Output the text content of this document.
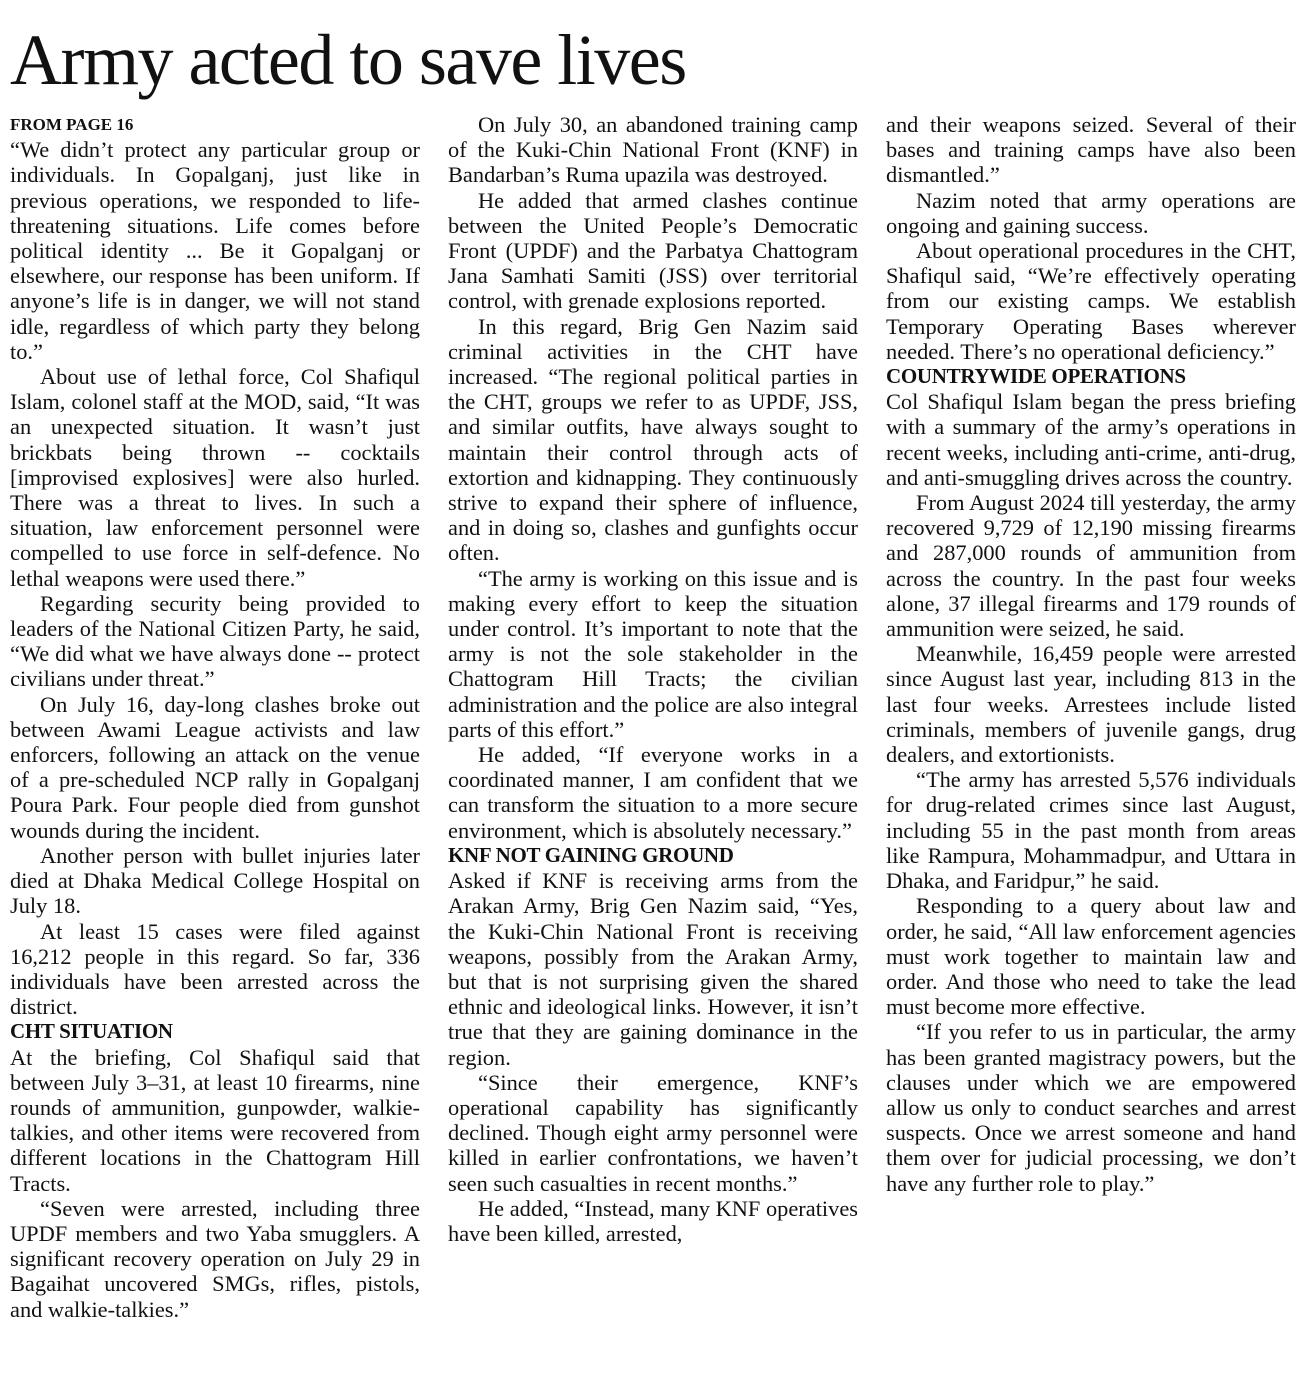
Army acted to save lives
FROM PAGE 16

“We didn’t protect any particular group or individuals. In Gopalganj, just like in previous operations, we responded to life-threatening situations. Life comes before political identity ... Be it Gopalganj or elsewhere, our response has been uniform. If anyone’s life is in danger, we will not stand idle, regardless of which party they belong to.”

About use of lethal force, Col Shafiqul Islam, colonel staff at the MOD, said, “It was an unexpected situation. It wasn’t just brickbats being thrown -- cocktails [improvised explosives] were also hurled. There was a threat to lives. In such a situation, law enforcement personnel were compelled to use force in self-defence. No lethal weapons were used there.”

Regarding security being provided to leaders of the National Citizen Party, he said, “We did what we have always done -- protect civilians under threat.”

On July 16, day-long clashes broke out between Awami League activists and law enforcers, following an attack on the venue of a pre-scheduled NCP rally in Gopalganj Poura Park. Four people died from gunshot wounds during the incident.

Another person with bullet injuries later died at Dhaka Medical College Hospital on July 18.

At least 15 cases were filed against 16,212 people in this regard. So far, 336 individuals have been arrested across the district.

CHT SITUATION

At the briefing, Col Shafiqul said that between July 3–31, at least 10 firearms, nine rounds of ammunition, gunpowder, walkie-talkies, and other items were recovered from different locations in the Chattogram Hill Tracts.

“Seven were arrested, including three UPDF members and two Yaba smugglers. A significant recovery operation on July 29 in Bagaihat uncovered SMGs, rifles, pistols, and walkie-talkies.”

On July 30, an abandoned training camp of the Kuki-Chin National Front (KNF) in Bandarban’s Ruma upazila was destroyed.

He added that armed clashes continue between the United People’s Democratic Front (UPDF) and the Parbatya Chattogram Jana Samhati Samiti (JSS) over territorial control, with grenade explosions reported.

In this regard, Brig Gen Nazim said criminal activities in the CHT have increased. “The regional political parties in the CHT, groups we refer to as UPDF, JSS, and similar outfits, have always sought to maintain their control through acts of extortion and kidnapping. They continuously strive to expand their sphere of influence, and in doing so, clashes and gunfights occur often.

“The army is working on this issue and is making every effort to keep the situation under control. It’s important to note that the army is not the sole stakeholder in the Chattogram Hill Tracts; the civilian administration and the police are also integral parts of this effort.”

He added, “If everyone works in a coordinated manner, I am confident that we can transform the situation to a more secure environment, which is absolutely necessary.”

KNF NOT GAINING GROUND

Asked if KNF is receiving arms from the Arakan Army, Brig Gen Nazim said, “Yes, the Kuki-Chin National Front is receiving weapons, possibly from the Arakan Army, but that is not surprising given the shared ethnic and ideological links. However, it isn’t true that they are gaining dominance in the region.

“Since their emergence, KNF’s operational capability has significantly declined. Though eight army personnel were killed in earlier confrontations, we haven’t seen such casualties in recent months.”

He added, “Instead, many KNF operatives have been killed, arrested,

and their weapons seized. Several of their bases and training camps have also been dismantled.”

Nazim noted that army operations are ongoing and gaining success.

About operational procedures in the CHT, Shafiqul said, “We’re effectively operating from our existing camps. We establish Temporary Operating Bases wherever needed. There’s no operational deficiency.”

COUNTRYWIDE OPERATIONS

Col Shafiqul Islam began the press briefing with a summary of the army’s operations in recent weeks, including anti-crime, anti-drug, and anti-smuggling drives across the country.

From August 2024 till yesterday, the army recovered 9,729 of 12,190 missing firearms and 287,000 rounds of ammunition from across the country. In the past four weeks alone, 37 illegal firearms and 179 rounds of ammunition were seized, he said.

Meanwhile, 16,459 people were arrested since August last year, including 813 in the last four weeks. Arrestees include listed criminals, members of juvenile gangs, drug dealers, and extortionists.

“The army has arrested 5,576 individuals for drug-related crimes since last August, including 55 in the past month from areas like Rampura, Mohammadpur, and Uttara in Dhaka, and Faridpur,” he said.

Responding to a query about law and order, he said, “All law enforcement agencies must work together to maintain law and order. And those who need to take the lead must become more effective.

“If you refer to us in particular, the army has been granted magistracy powers, but the clauses under which we are empowered allow us only to conduct searches and arrest suspects. Once we arrest someone and hand them over for judicial processing, we don’t have any further role to play.”
